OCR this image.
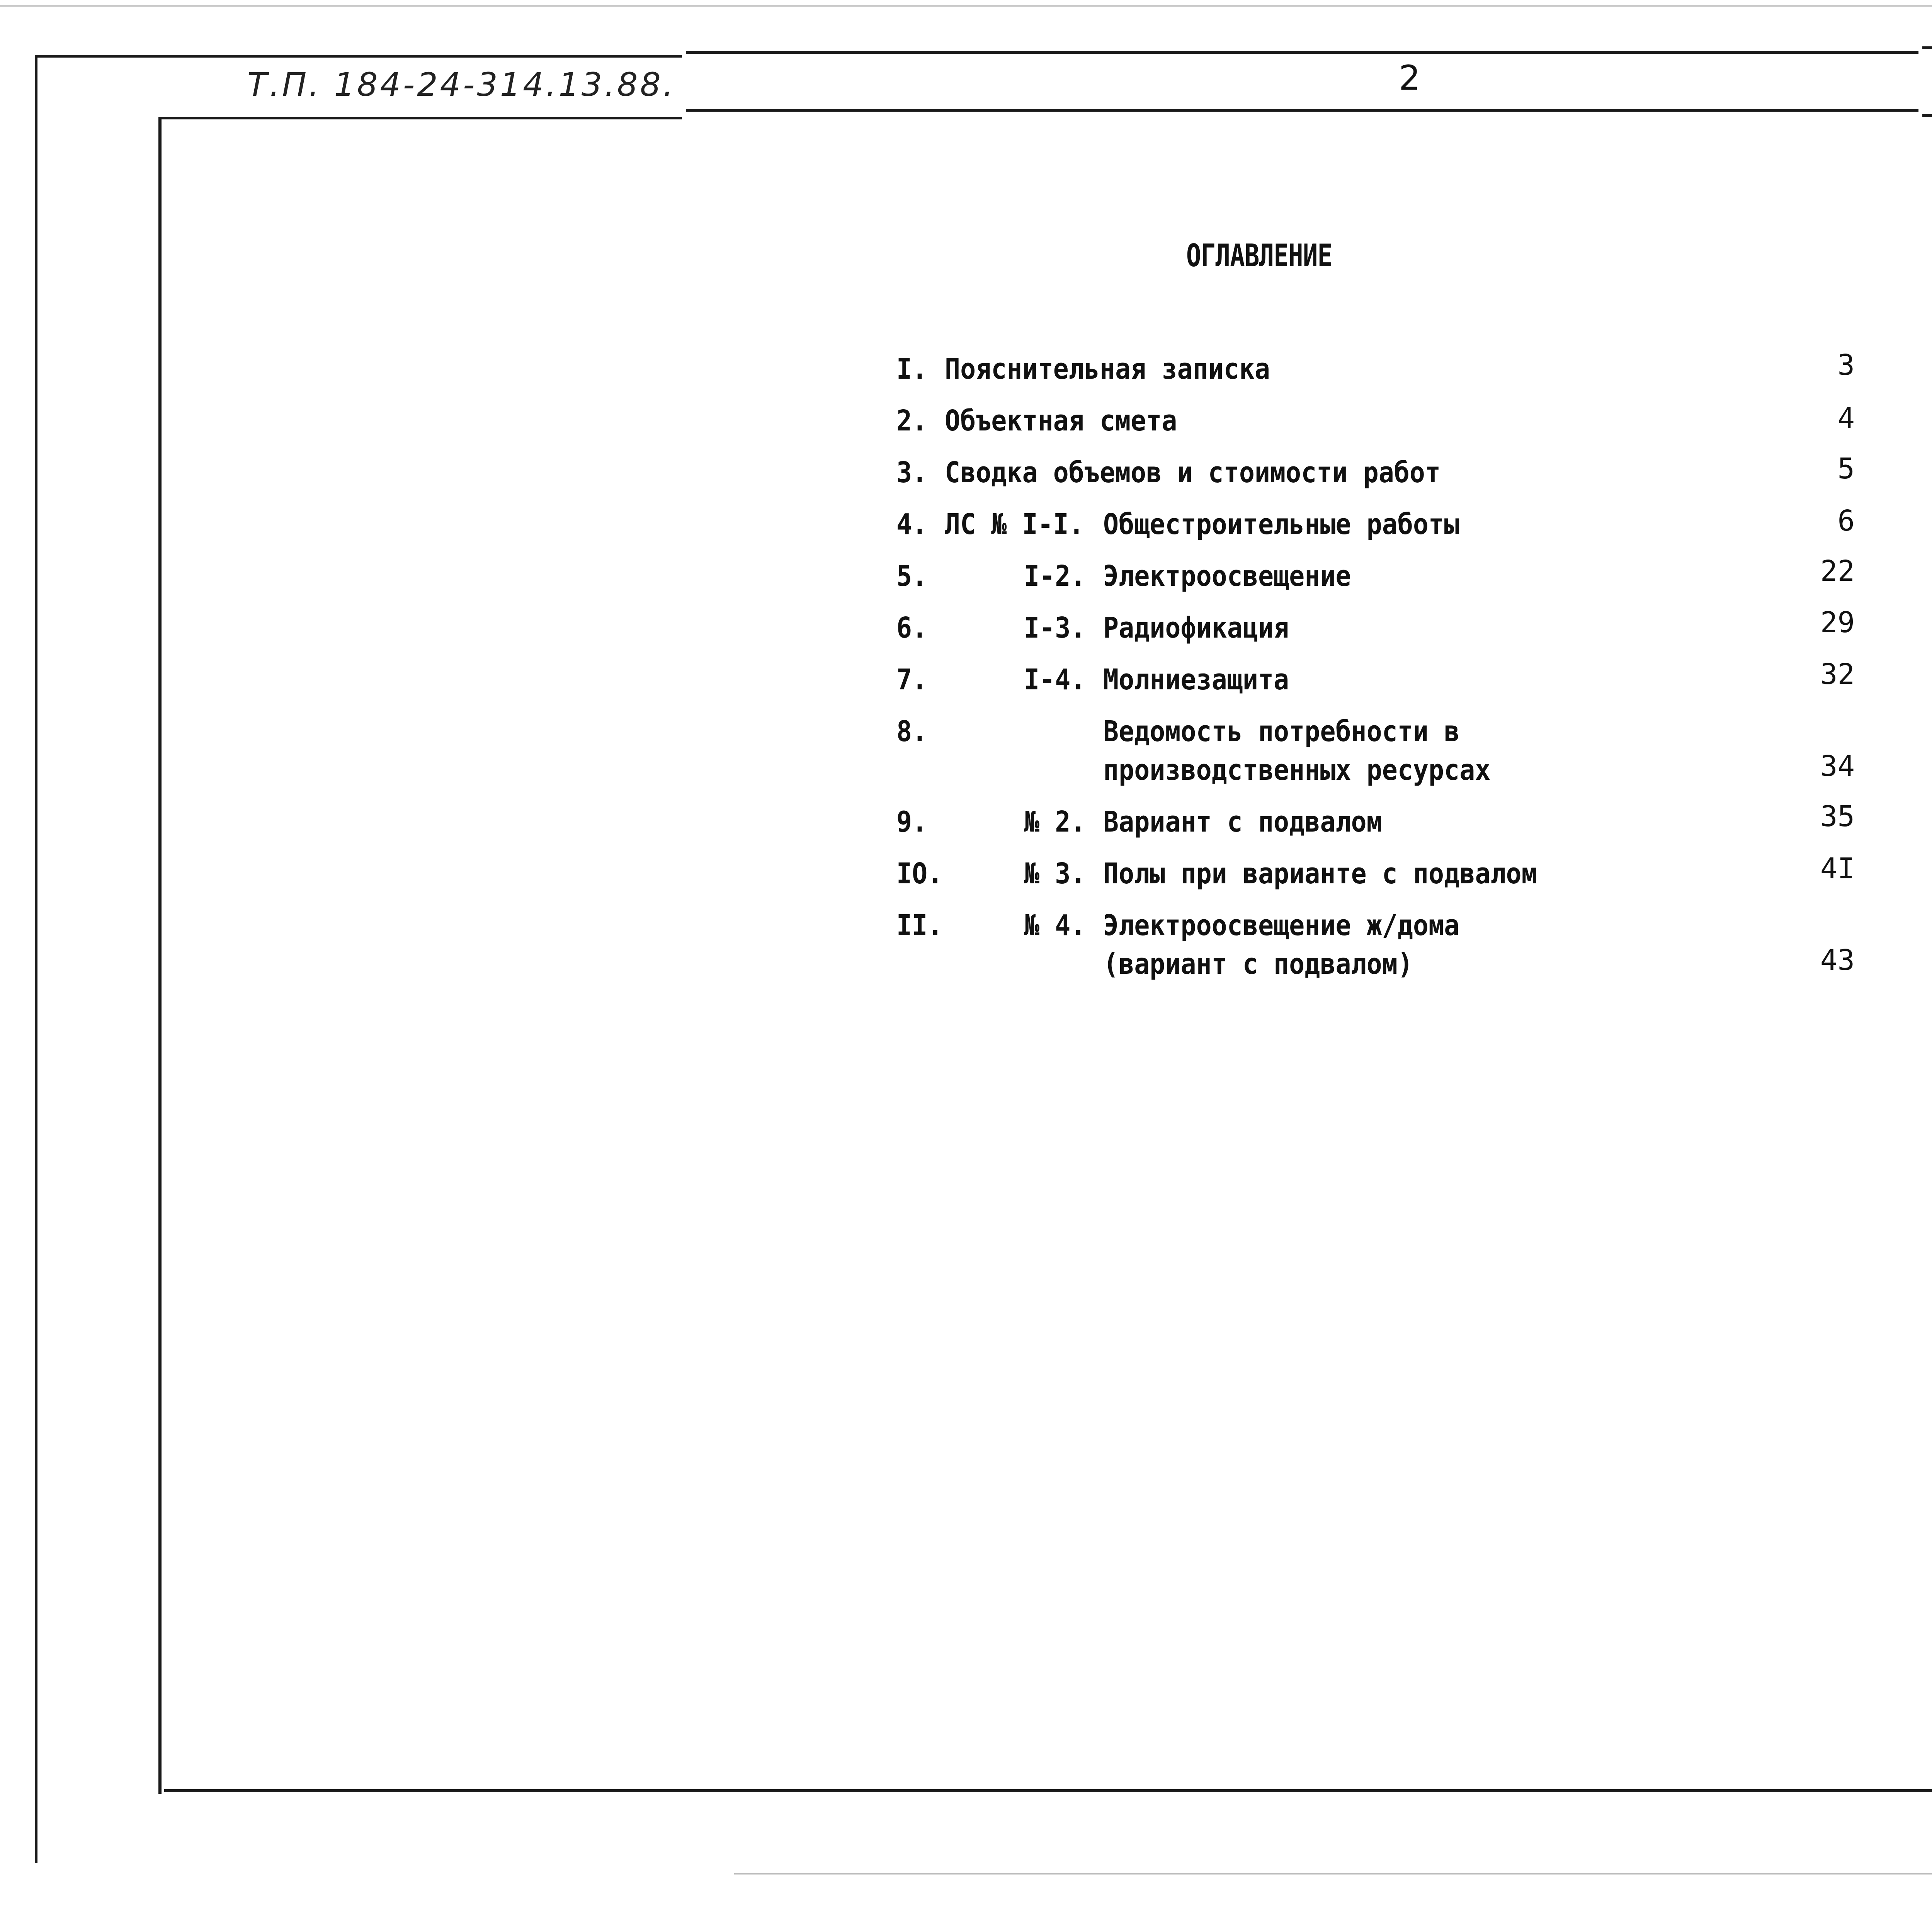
Т.П. 184-24-314.13.88.	2
ОГЛАВЛЕНИЕ
I. Пояснительная записка	3
2. Объектная смета	4
3. Сводка объемов и стоимости работ	5
4. ЛС № I-I. Общестроительные работы	6
5.	I-2. Электроосвещение	22
6.	I-3. Радиофикация	29
7.	I-4. Молниезащита	32
8.	Ведомость потребности в
производственных ресурсах	34
9.	№ 2. Вариант с подвалом	35
IO.	№ 3. Полы при варианте с подвалом	4I
II.	№ 4. Электроосвещение ж/дома
(вариант с подвалом)	43
